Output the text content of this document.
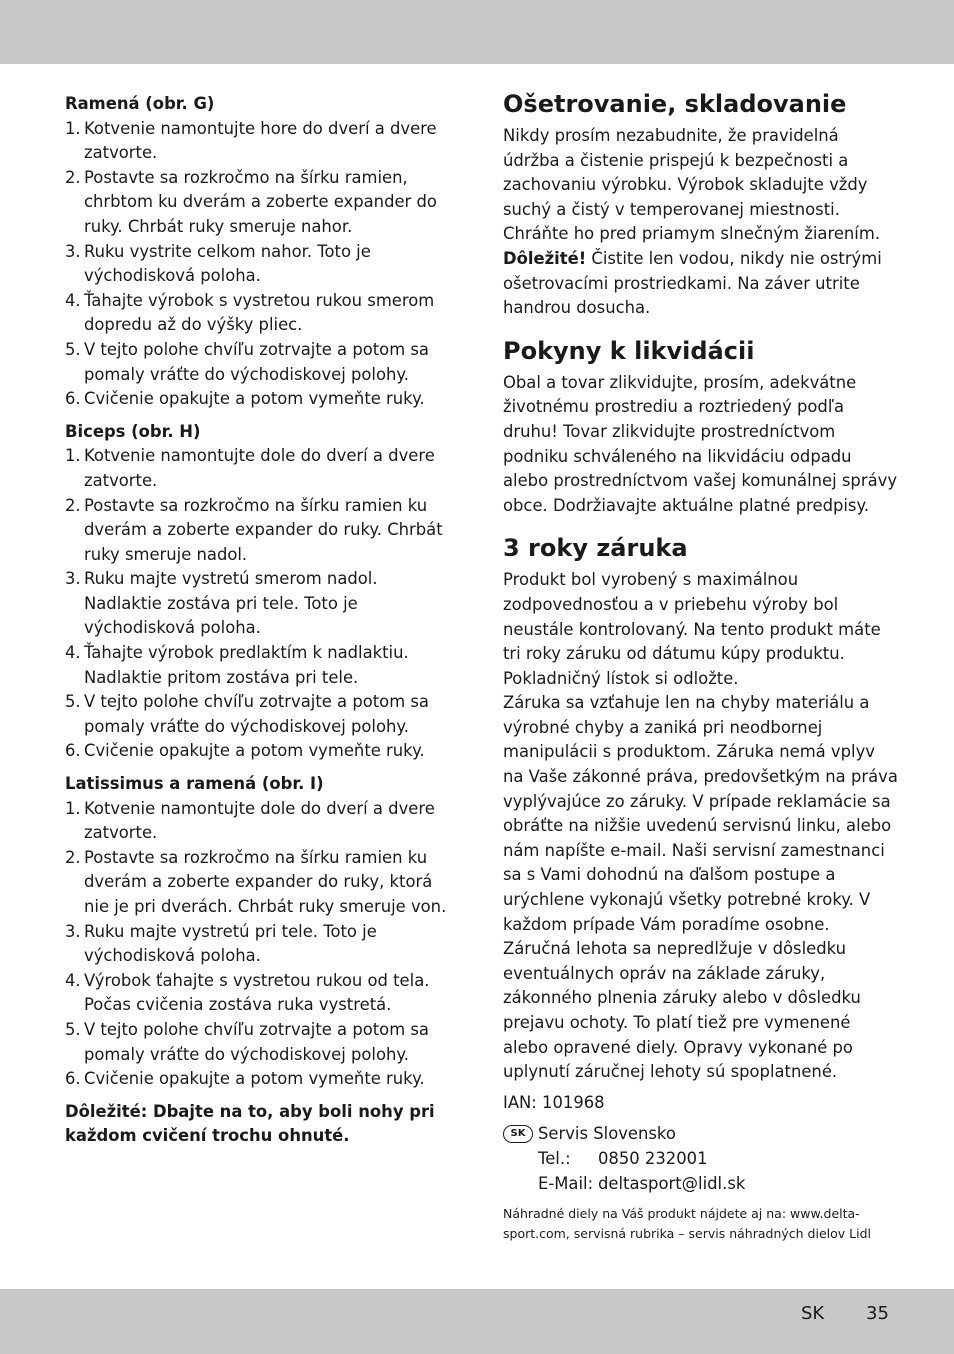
Ramená (obr. G)

1. Kotvenie namontujte hore do dverí a dvere zatvorte.
2. Postavte sa rozkročmo na šírku ramien, chrbtom ku dverám a zoberte expander do ruky. Chrbát ruky smeruje nahor.
3. Ruku vystrite celkom nahor. Toto je východisková poloha.
4. Ťahajte výrobok s vystretou rukou smerom dopredu až do výšky pliec.
5. V tejto polohe chvíľu zotrvajte a potom sa pomaly vráťte do východiskovej polohy.
6. Cvičenie opakujte a potom vymeňte ruky.

Biceps (obr. H)

1. Kotvenie namontujte dole do dverí a dvere zatvorte.
2. Postavte sa rozkročmo na šírku ramien ku dverám a zoberte expander do ruky. Chrbát ruky smeruje nadol.
3. Ruku majte vystretú smerom nadol. Nadlaktie zostáva pri tele. Toto je východisková poloha.
4. Ťahajte výrobok predlaktím k nadlaktiu. Nadlaktie pritom zostáva pri tele.
5. V tejto polohe chvíľu zotrvajte a potom sa pomaly vráťte do východiskovej polohy.
6. Cvičenie opakujte a potom vymeňte ruky.

Latissimus a ramená (obr. I)

1. Kotvenie namontujte dole do dverí a dvere zatvorte.
2. Postavte sa rozkročmo na šírku ramien ku dverám a zoberte expander do ruky, ktorá nie je pri dverách. Chrbát ruky smeruje von.
3. Ruku majte vystretú pri tele. Toto je východisková poloha.
4. Výrobok ťahajte s vystretou rukou od tela. Počas cvičenia zostáva ruka vystretá.
5. V tejto polohe chvíľu zotrvajte a potom sa pomaly vráťte do východiskovej polohy.
6. Cvičenie opakujte a potom vymeňte ruky.
Dôležité: Dbajte na to, aby boli nohy pri každom cvičení trochu ohnuté.
Ošetrovanie, skladovanie

Nikdy prosím nezabudnite, že pravidelná údržba a čistenie prispejú k bezpečnosti a zachovaniu výrobku. Výrobok skladujte vždy suchý a čistý v temperovanej miestnosti.

Chráňte ho pred priamym slnečným žiarením.

Dôležité! Čistite len vodou, nikdy nie ostrými ošetrovacími prostriedkami. Na záver utrite handrou dosucha.

Pokyny k likvidácii

Obal a tovar zlikvidujte, prosím, adekvátne životnému prostrediu a roztriedený podľa druhu! Tovar zlikvidujte prostredníctvom podniku schváleného na likvidáciu odpadu alebo prostredníctvom vašej komunálnej správy obce. Dodržiavajte aktuálne platné predpisy.

3 roky záruka

Produkt bol vyrobený s maximálnou zodpovednosťou a v priebehu výroby bol neustále kontrolovaný. Na tento produkt máte tri roky záruku od dátumu kúpy produktu. Pokladničný lístok si odložte.

Záruka sa vzťahuje len na chyby materiálu a výrobné chyby a zaniká pri neodbornej manipulácii s produktom. Záruka nemá vplyv na Vaše zákonné práva, predovšetkým na práva vyplývajúce zo záruky. V prípade reklamácie sa obráťte na nižšie uvedenú servisnú linku, alebo nám napíšte e-mail. Naši servisní zamestnanci sa s Vami dohodnú na ďalšom postupe a urýchlene vykonajú všetky potrebné kroky. V každom prípade Vám poradíme osobne.

Záručná lehota sa nepredlžuje v dôsledku eventuálnych opráv na základe záruky, zákonného plnenia záruky alebo v dôsledku prejavu ochoty. To platí tiež pre vymenené alebo opravené diely. Opravy vykonané po uplynutí záručnej lehoty sú spoplatnené.

IAN: 101968
SK Servis Slovensko
Tel.:	0850 232001
E-Mail: deltasport@lidl.sk
Náhradné diely na Váš produkt nájdete aj na: www.delta-sport.com, servisná rubrika – servis náhradných dielov Lidl
SK 35
